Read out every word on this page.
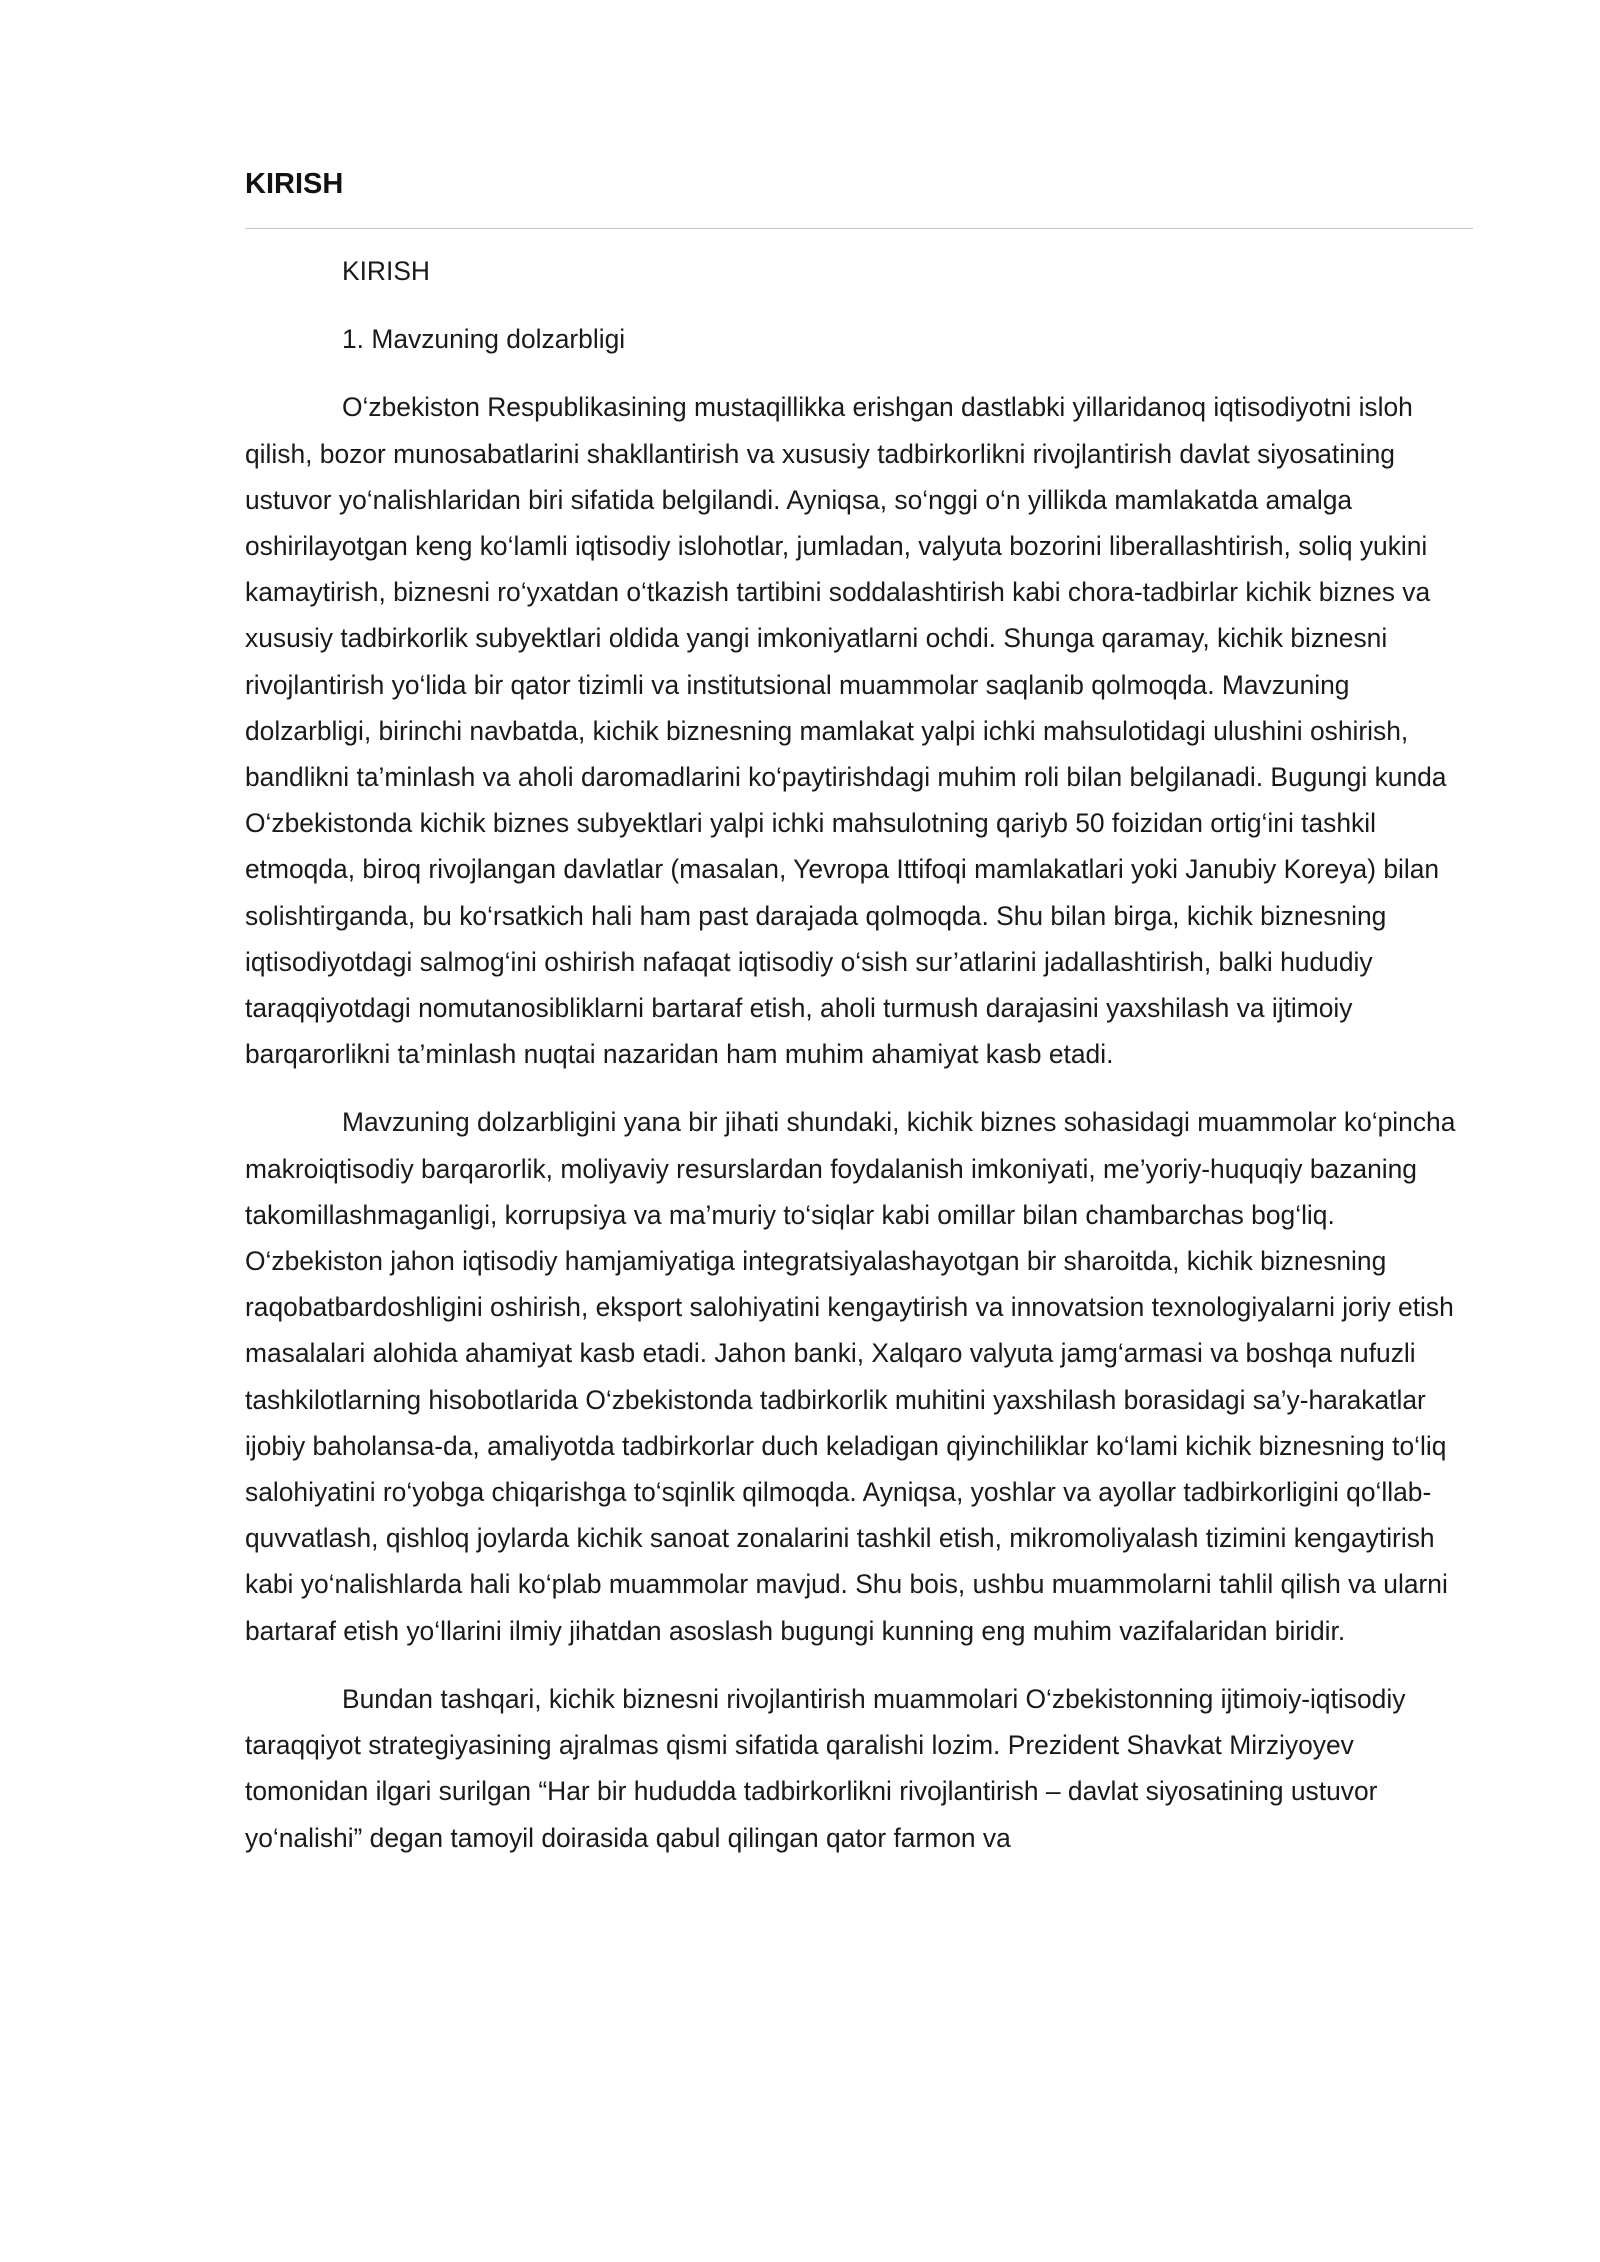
KIRISH

KIRISH

1. Mavzuning dolzarbligi

O‘zbekiston Respublikasining mustaqillikka erishgan dastlabki yillaridanoq iqtisodiyotni isloh qilish, bozor munosabatlarini shakllantirish va xususiy tadbirkorlikni rivojlantirish davlat siyosatining ustuvor yo‘nalishlaridan biri sifatida belgilandi. Ayniqsa, so‘nggi o‘n yillikda mamlakatda amalga oshirilayotgan keng ko‘lamli iqtisodiy islohotlar, jumladan, valyuta bozorini liberallashtirish, soliq yukini kamaytirish, biznesni ro‘yxatdan o‘tkazish tartibini soddalashtirish kabi chora-tadbirlar kichik biznes va xususiy tadbirkorlik subyektlari oldida yangi imkoniyatlarni ochdi. Shunga qaramay, kichik biznesni rivojlantirish yo‘lida bir qator tizimli va institutsional muammolar saqlanib qolmoqda. Mavzuning dolzarbligi, birinchi navbatda, kichik biznesning mamlakat yalpi ichki mahsulotidagi ulushini oshirish, bandlikni ta’minlash va aholi daromadlarini ko‘paytirishdagi muhim roli bilan belgilanadi. Bugungi kunda O‘zbekistonda kichik biznes subyektlari yalpi ichki mahsulotning qariyb 50 foizidan ortig‘ini tashkil etmoqda, biroq rivojlangan davlatlar (masalan, Yevropa Ittifoqi mamlakatlari yoki Janubiy Koreya) bilan solishtirganda, bu ko‘rsatkich hali ham past darajada qolmoqda. Shu bilan birga, kichik biznesning iqtisodiyotdagi salmog‘ini oshirish nafaqat iqtisodiy o‘sish sur’atlarini jadallashtirish, balki hududiy taraqqiyotdagi nomutanosibliklarni bartaraf etish, aholi turmush darajasini yaxshilash va ijtimoiy barqarorlikni ta’minlash nuqtai nazaridan ham muhim ahamiyat kasb etadi.

Mavzuning dolzarbligini yana bir jihati shundaki, kichik biznes sohasidagi muammolar ko‘pincha makroiqtisodiy barqarorlik, moliyaviy resurslardan foydalanish imkoniyati, me’yoriy-huquqiy bazaning takomillashmaganligi, korrupsiya va ma’muriy to‘siqlar kabi omillar bilan chambarchas bog‘liq. O‘zbekiston jahon iqtisodiy hamjamiyatiga integratsiyalashayotgan bir sharoitda, kichik biznesning raqobatbardoshligini oshirish, eksport salohiyatini kengaytirish va innovatsion texnologiyalarni joriy etish masalalari alohida ahamiyat kasb etadi. Jahon banki, Xalqaro valyuta jamg‘armasi va boshqa nufuzli tashkilotlarning hisobotlarida O‘zbekistonda tadbirkorlik muhitini yaxshilash borasidagi sa’y-harakatlar ijobiy baholansa-da, amaliyotda tadbirkorlar duch keladigan qiyinchiliklar ko‘lami kichik biznesning to‘liq salohiyatini ro‘yobga chiqarishga to‘sqinlik qilmoqda. Ayniqsa, yoshlar va ayollar tadbirkorligini qo‘llab-quvvatlash, qishloq joylarda kichik sanoat zonalarini tashkil etish, mikromoliyalash tizimini kengaytirish kabi yo‘nalishlarda hali ko‘plab muammolar mavjud. Shu bois, ushbu muammolarni tahlil qilish va ularni bartaraf etish yo‘llarini ilmiy jihatdan asoslash bugungi kunning eng muhim vazifalaridan biridir.

Bundan tashqari, kichik biznesni rivojlantirish muammolari O‘zbekistonning ijtimoiy-iqtisodiy taraqqiyot strategiyasining ajralmas qismi sifatida qaralishi lozim. Prezident Shavkat Mirziyoyev tomonidan ilgari surilgan “Har bir hududda tadbirkorlikni rivojlantirish – davlat siyosatining ustuvor yo‘nalishi” degan tamoyil doirasida qabul qilingan qator farmon va
